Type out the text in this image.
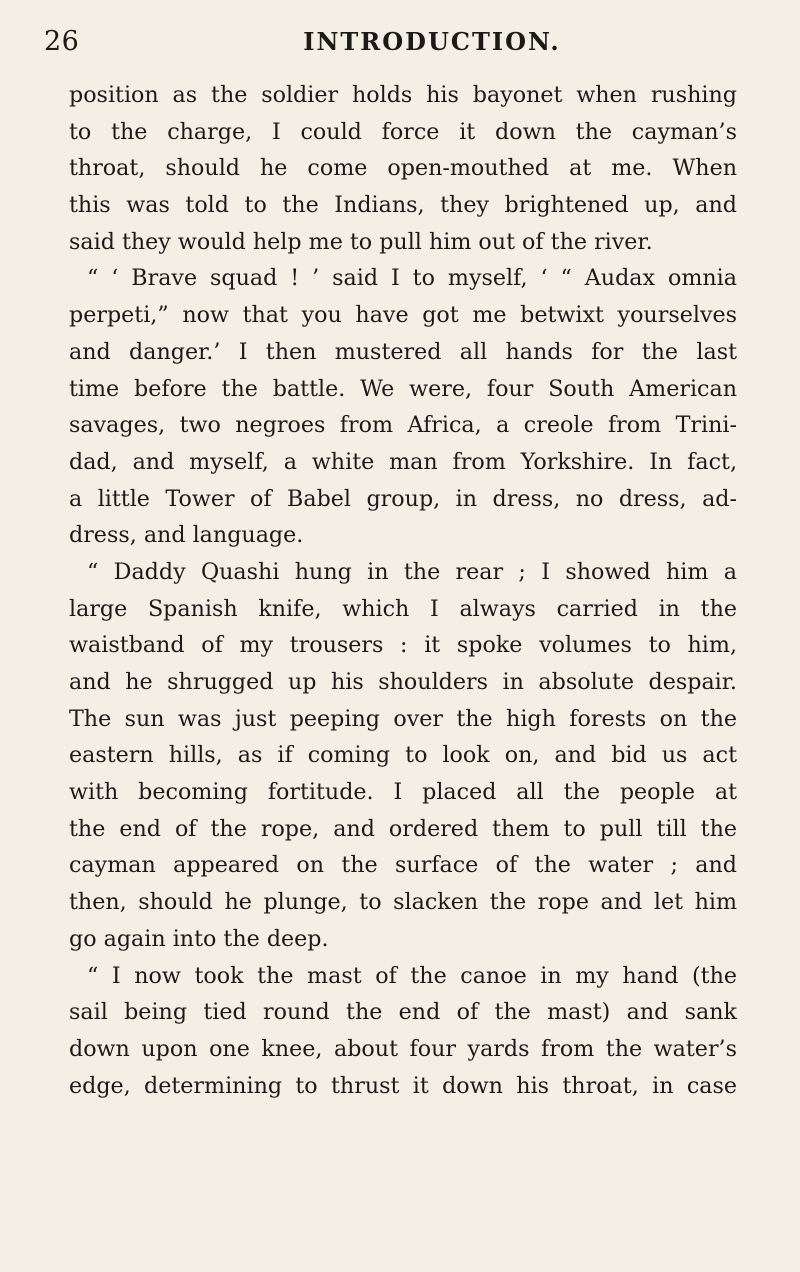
26	INTRODUCTION.
position as the soldier holds his bayonet when rushing
to the charge, I could force it down the cayman’s
throat, should he come open-mouthed at me. When
this was told to the Indians, they brightened up, and
said they would help me to pull him out of the river.
“ ‘ Brave squad ! ’ said I to myself, ‘ “ Audax omnia
perpeti,” now that you have got me betwixt yourselves
and danger.’ I then mustered all hands for the last
time before the battle. We were, four South American
savages, two negroes from Africa, a creole from Trini-
dad, and myself, a white man from Yorkshire. In fact,
a little Tower of Babel group, in dress, no dress, ad-
dress, and language.
“ Daddy Quashi hung in the rear ; I showed him a
large Spanish knife, which I always carried in the
waistband of my trousers : it spoke volumes to him,
and he shrugged up his shoulders in absolute despair.
The sun was just peeping over the high forests on the
eastern hills, as if coming to look on, and bid us act
with becoming fortitude. I placed all the people at
the end of the rope, and ordered them to pull till the
cayman appeared on the surface of the water ; and
then, should he plunge, to slacken the rope and let him
go again into the deep.
“ I now took the mast of the canoe in my hand (the
sail being tied round the end of the mast) and sank
down upon one knee, about four yards from the water’s
edge, determining to thrust it down his throat, in case
